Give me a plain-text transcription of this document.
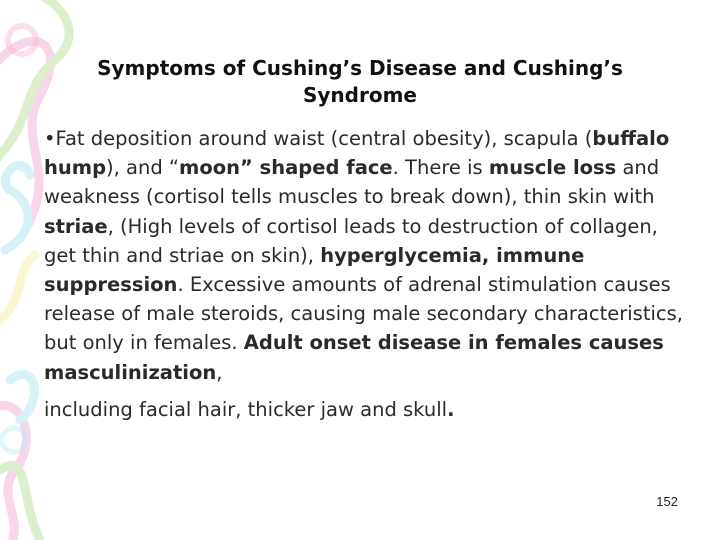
Symptoms of Cushing’s Disease and Cushing’s
Syndrome
•Fat deposition around waist (central obesity), scapula (buffalo hump), and “moon” shaped face. There is muscle loss and weakness (cortisol tells muscles to break down), thin skin with striae, (High levels of cortisol leads to destruction of collagen, get thin and striae on skin), hyperglycemia, immune suppression. Excessive amounts of adrenal stimulation causes release of male steroids, causing male secondary characteristics, but only in females. Adult onset disease in females causes masculinization,
including facial hair, thicker jaw and skull.
152
